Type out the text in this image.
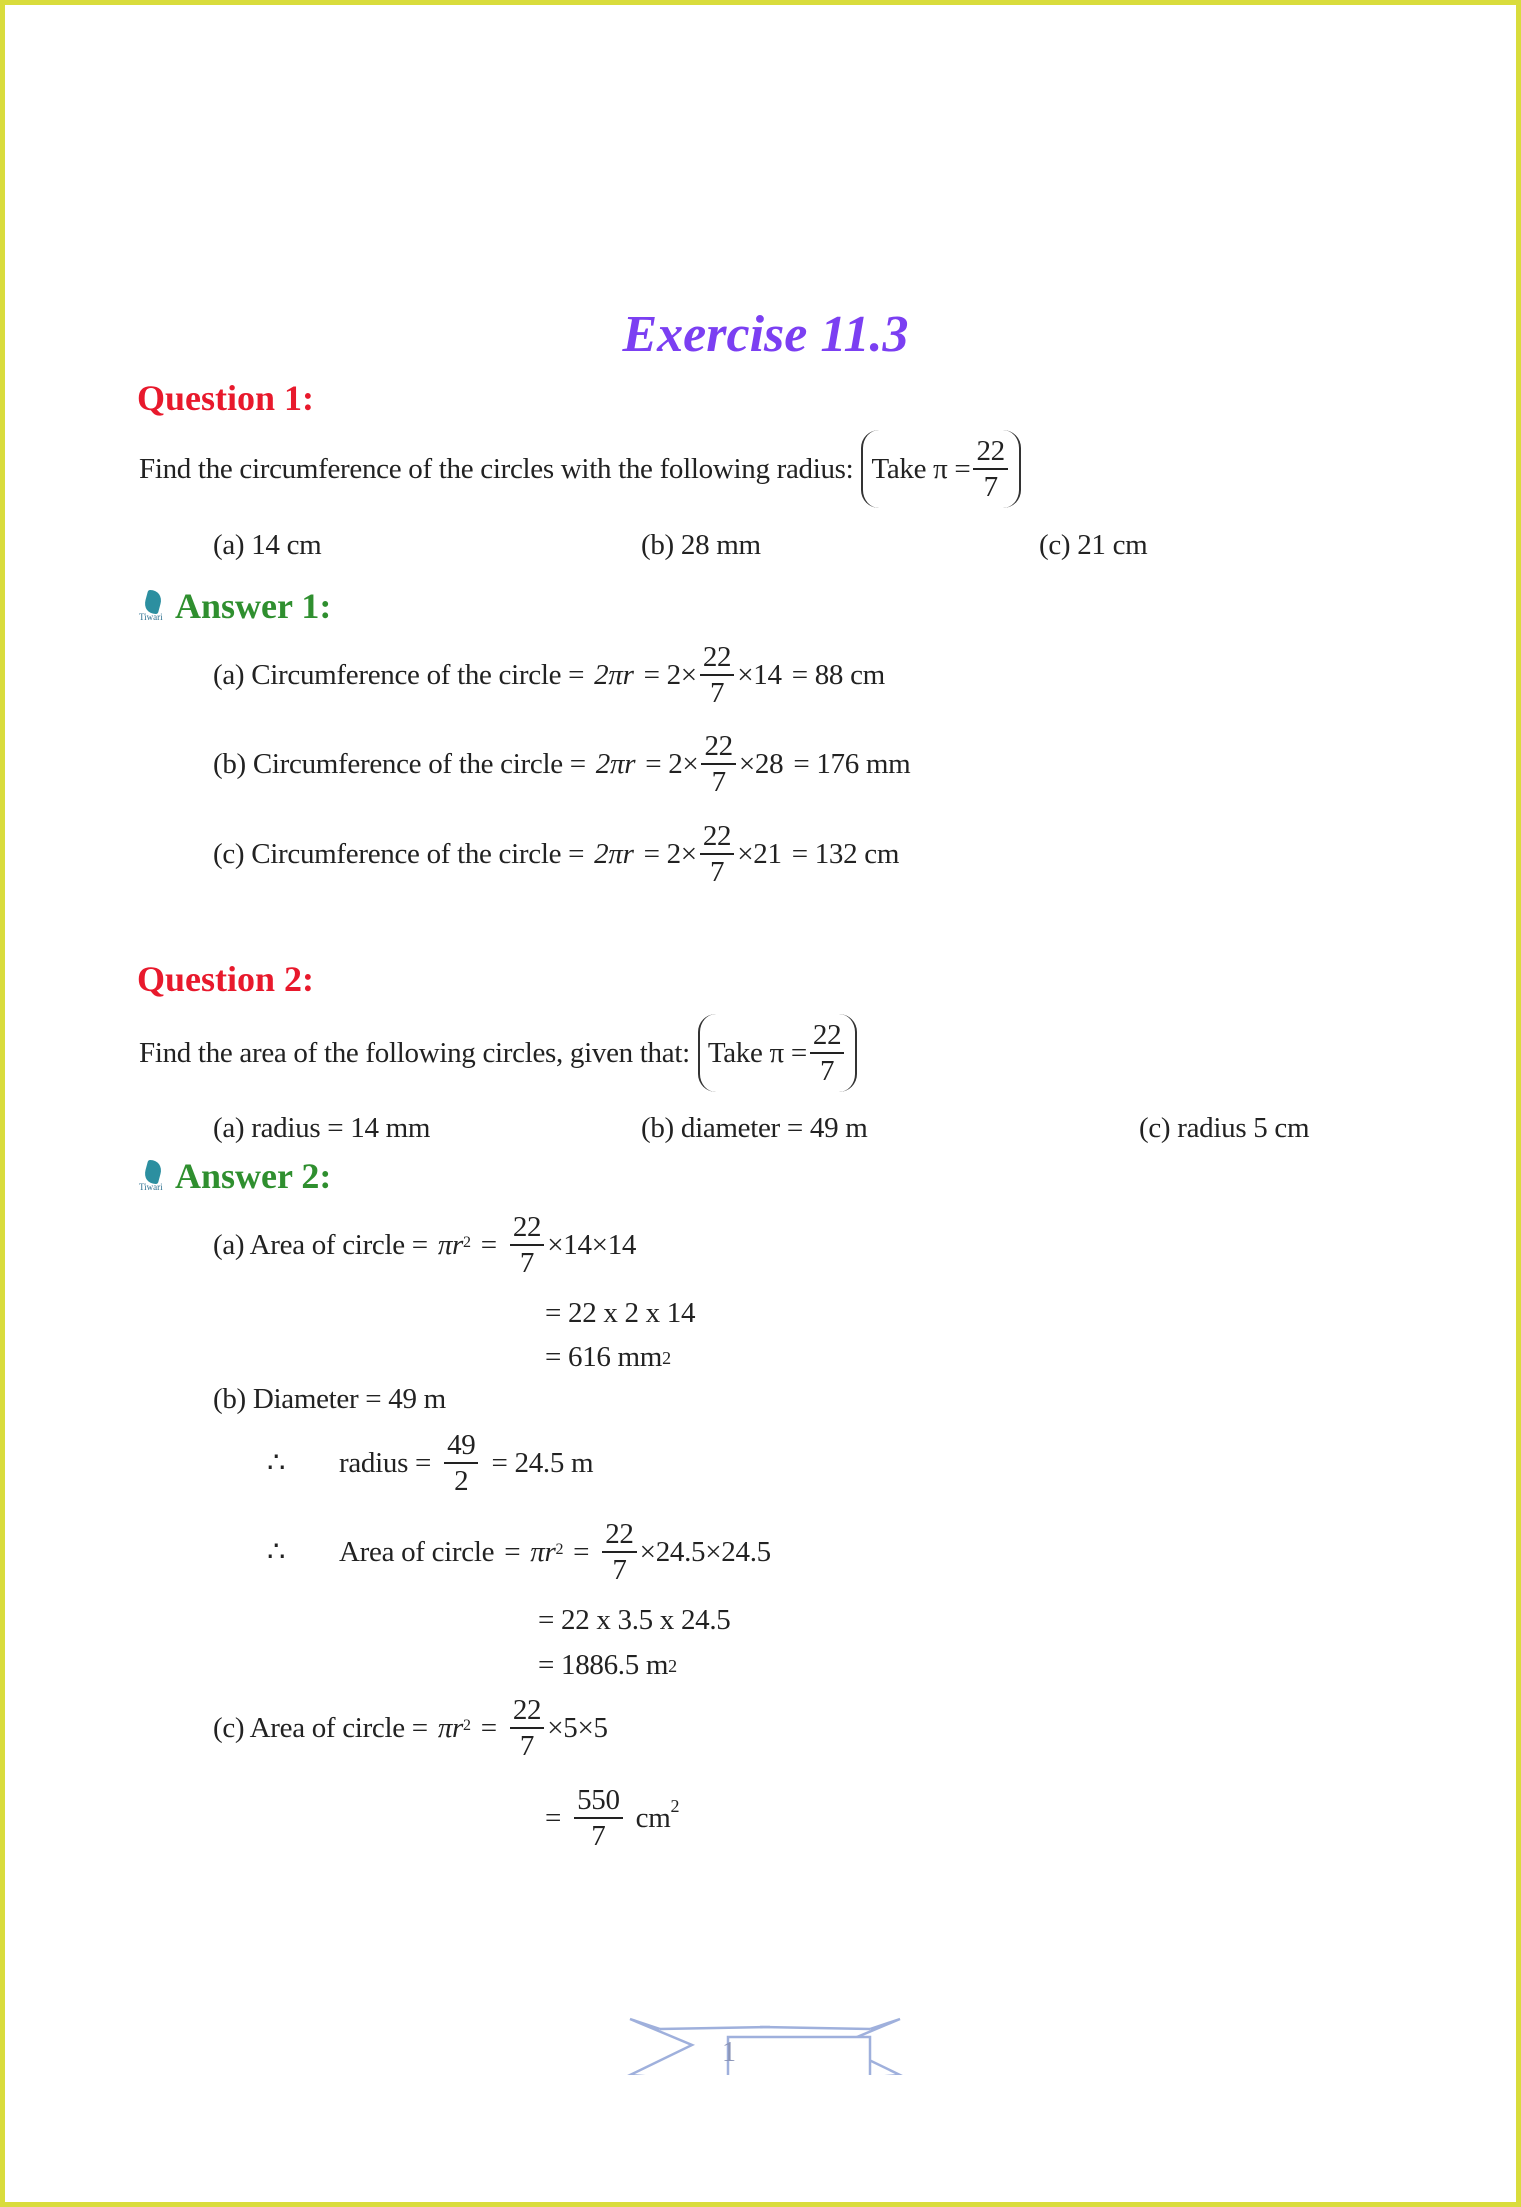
Exercise 11.3
Question 1:
Find the circumference of the circles with the following radius: Take $\pi = \frac{22}{7}$
(a) 14 cm	(b) 28 mm	(c) 21 cm
Tiwari Answer 1:
(a) Circumference of the circle = $2\pi r = 2\times \frac{22}{7} \times 14 = 88$ cm
(b) Circumference of the circle = $2\pi r = 2\times \frac{22}{7} \times 28 = 176$ mm
(c) Circumference of the circle = $2\pi r = 2\times \frac{22}{7} \times 21 = 132$ cm
Question 2:
Find the area of the following circles, given that: Take $\pi = \frac{22}{7}$
(a) radius = 14 mm	(b) diameter = 49 m	(c) radius 5 cm
Tiwari Answer 2:
(a) Area of circle = πr $2 = \frac{22}{7} \times 14\times 14$
= 22 x 2 x 14
= 616 mm 2
(b) Diameter = 49 m
∴	radius = $\frac{49}{2} = 24.5$ m
∴	Area of circle = πr $2 = \frac{22}{7} \times 24.5\times 24.5$
= 22 x 3.5 x 24.5
= 1886.5 m 2
(c) Area of circle = πr $2 = \frac{22}{7} \times 5\times 5$
= $\frac{550}{7} cm^2$
1
